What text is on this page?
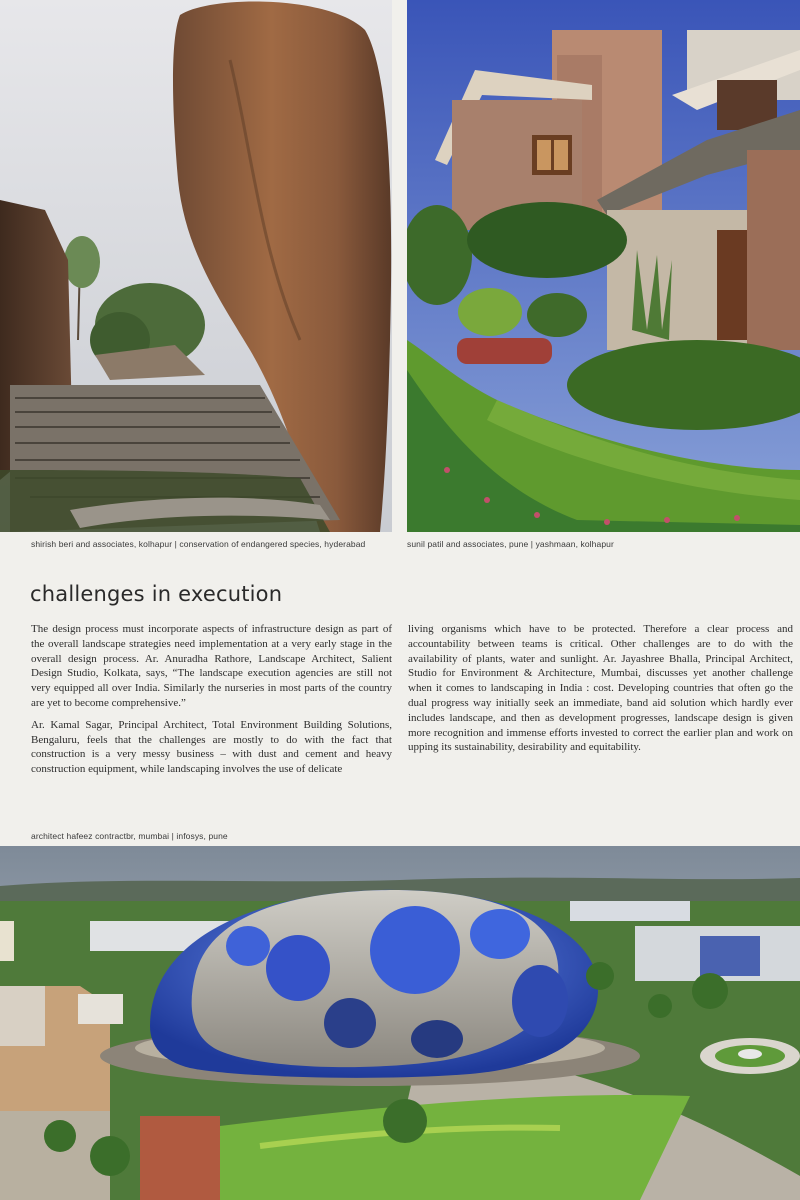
shirish beri and associates, kolhapur | conservation of endangered species, hyderabad	sunil patil and associates, pune | yashmaan, kolhapur
challenges in execution

The design process must incorporate aspects of infrastructure design as part of the overall landscape strategies need implementation at a very early stage in the overall design process. Ar. Anuradha Rathore, Landscape Architect, Salient Design Studio, Kolkata, says, “The landscape execution agencies are still not very equipped all over India. Similarly the nurseries in most parts of the country are yet to become comprehensive.”

Ar. Kamal Sagar, Principal Architect, Total Environment Building Solutions, Bengaluru, feels that the challenges are mostly to do with the fact that construction is a very messy business – with dust and cement and heavy construction equipment, while landscaping involves the use of delicate

living organisms which have to be protected. Therefore a clear process and accountability between teams is critical. Other challenges are to do with the availability of plants, water and sunlight. Ar. Jayashree Bhalla, Principal Architect, Studio for Environment & Architecture, Mumbai, discusses yet another challenge when it comes to landscaping in India : cost. Developing countries that often go the dual progress way initially seek an immediate, band aid solution which hardly ever includes landscape, and then as development progresses, landscape design is given more recognition and immense efforts invested to correct the earlier plan and work on upping its sustainability, desirability and equitability.

architect hafeez contractbr, mumbai | infosys, pune
